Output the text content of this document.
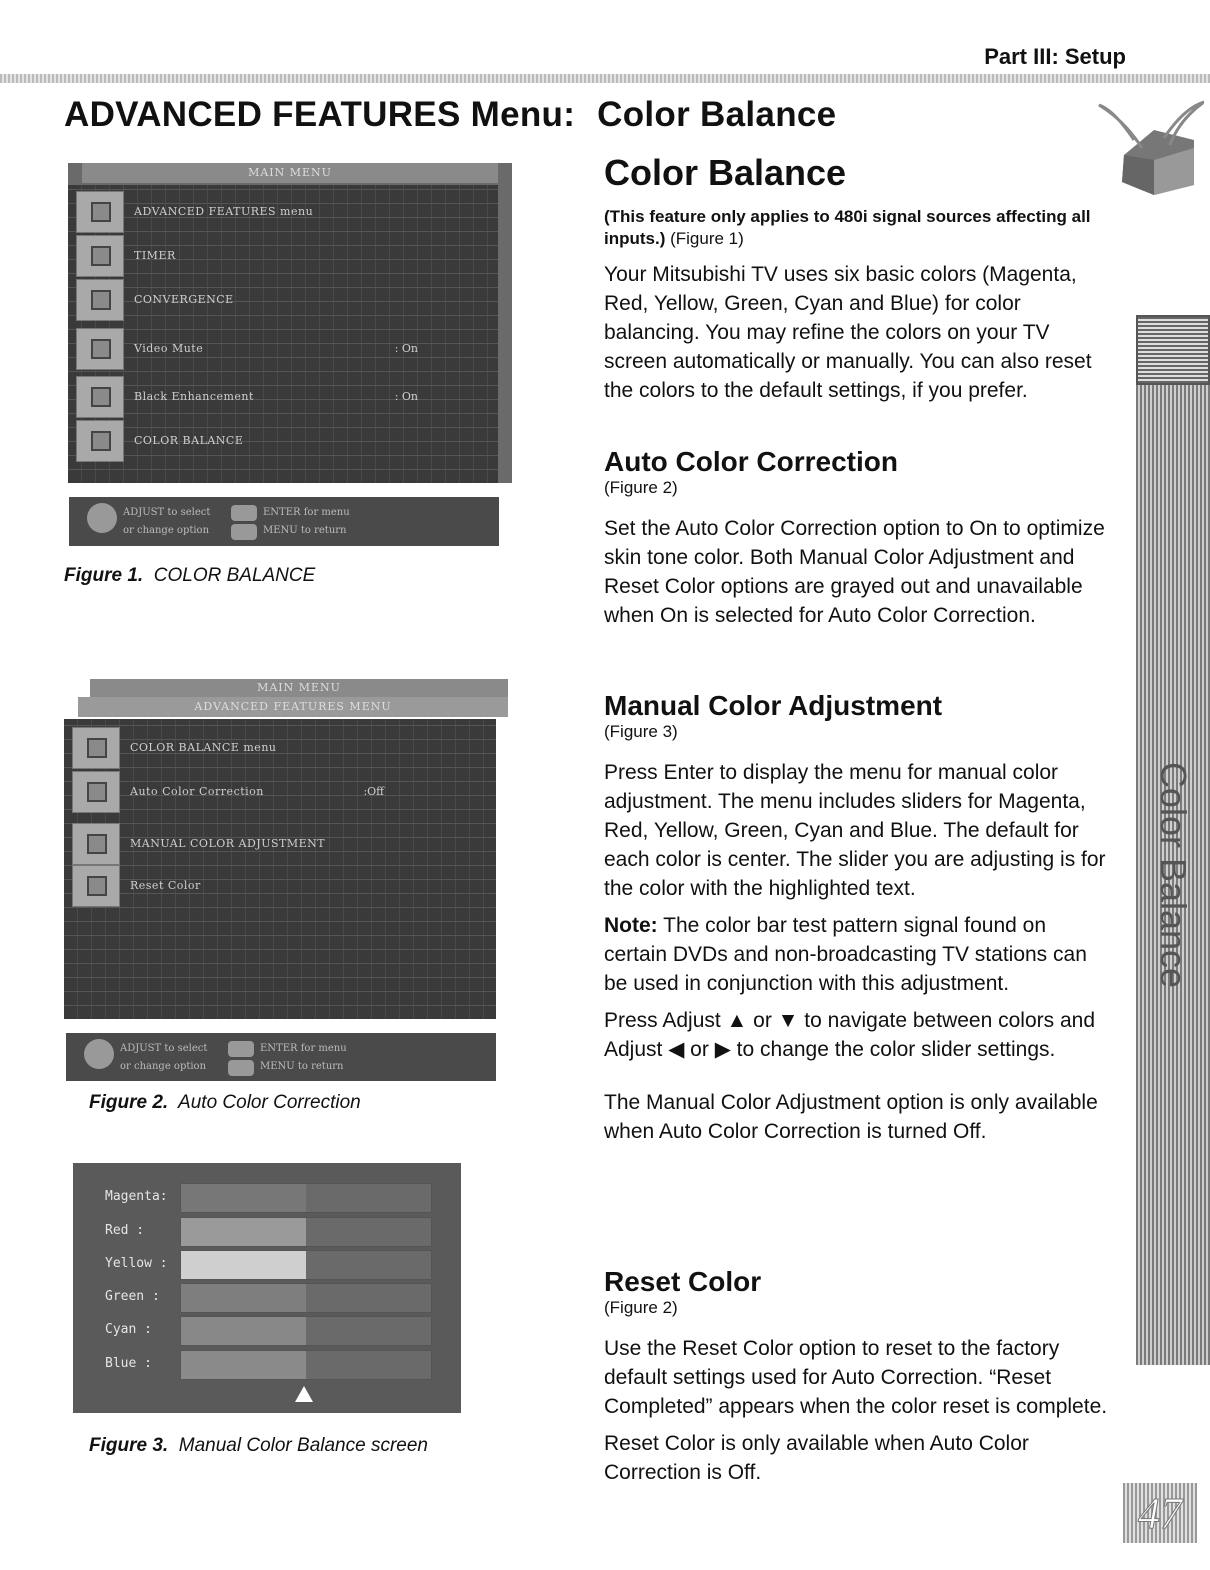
Part III: Setup
ADVANCED FEATURES Menu: Color Balance
MAIN MENU
ADVANCED FEATURES menu
TIMER
CONVERGENCE
Video Mute	: On
Black Enhancement	: On
COLOR BALANCE
ADJUST to select
or change option
ENTER for menu
MENU to return
Figure 1. COLOR BALANCE
MAIN MENU
ADVANCED FEATURES MENU
COLOR BALANCE menu
Auto Color Correction	:Off
MANUAL COLOR ADJUSTMENT
Reset Color
ADJUST to select
or change option
ENTER for menu
MENU to return
Figure 2. Auto Color Correction
Magenta:
Red :
Yellow :
Green :
Cyan :
Blue :
Figure 3. Manual Color Balance screen
Color Balance
(This feature only applies to 480i signal sources affecting all inputs.) (Figure 1)

Your Mitsubishi TV uses six basic colors (Magenta, Red, Yellow, Green, Cyan and Blue) for color balancing. You may refine the colors on your TV screen automatically or manually. You can also reset the colors to the default settings, if you prefer.

Auto Color Correction
(Figure 2)

Set the Auto Color Correction option to On to optimize skin tone color. Both Manual Color Adjustment and Reset Color options are grayed out and unavailable when On is selected for Auto Color Correction.

Manual Color Adjustment
(Figure 3)

Press Enter to display the menu for manual color adjustment. The menu includes sliders for Magenta, Red, Yellow, Green, Cyan and Blue. The default for each color is center. The slider you are adjusting is for the color with the highlighted text.

Note: The color bar test pattern signal found on certain DVDs and non-broadcasting TV stations can be used in conjunction with this adjustment.

Press Adjust ▲ or ▼ to navigate between colors and Adjust ◀ or ▶ to change the color slider settings.

The Manual Color Adjustment option is only available when Auto Color Correction is turned Off.

Reset Color
(Figure 2)

Use the Reset Color option to reset to the factory default settings used for Auto Correction. “Reset Completed” appears when the color reset is complete.

Reset Color is only available when Auto Color Correction is Off.

Color Balance
47
